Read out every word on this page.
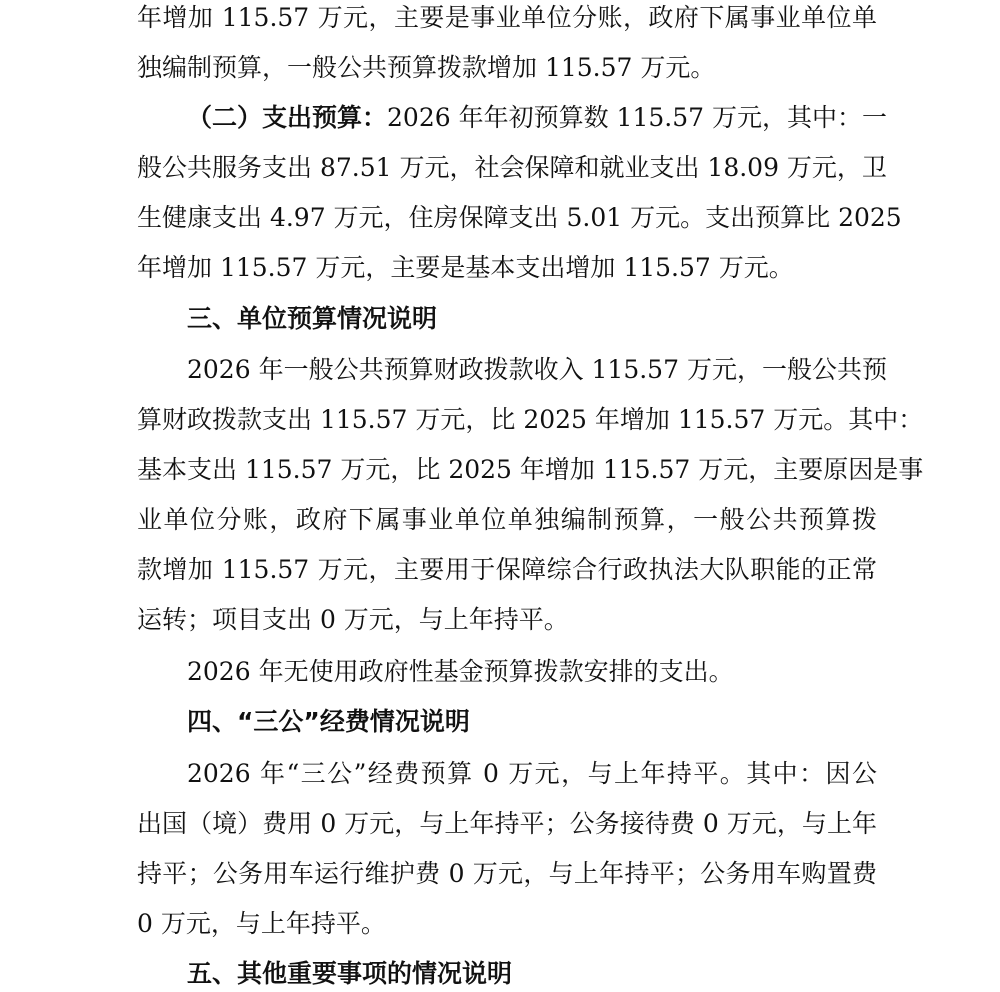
年增加 115.57 万元，主要是事业单位分账，政府下属事业单位单
独编制预算，一般公共预算拨款增加 115.57 万元。
（二）支出预算：2026 年年初预算数 115.57 万元，其中：一
般公共服务支出 87.51 万元，社会保障和就业支出 18.09 万元，卫
生健康支出 4.97 万元，住房保障支出 5.01 万元。支出预算比 2025
年增加 115.57 万元，主要是基本支出增加 115.57 万元。
三、单位预算情况说明
2026 年一般公共预算财政拨款收入 115.57 万元，一般公共预
算财政拨款支出 115.57 万元，比 2025 年增加 115.57 万元。其中：
基本支出 115.57 万元，比 2025 年增加 115.57 万元，主要原因是事
业单位分账，政府下属事业单位单独编制预算，一般公共预算拨
款增加 115.57 万元，主要用于保障综合行政执法大队职能的正常
运转；项目支出 0 万元，与上年持平。
2026 年无使用政府性基金预算拨款安排的支出。
四、“三公”经费情况说明
2026 年“三公”经费预算 0 万元，与上年持平。其中：因公
出国（境）费用 0 万元，与上年持平；公务接待费 0 万元，与上年
持平；公务用车运行维护费 0 万元，与上年持平；公务用车购置费
0 万元，与上年持平。
五、其他重要事项的情况说明
